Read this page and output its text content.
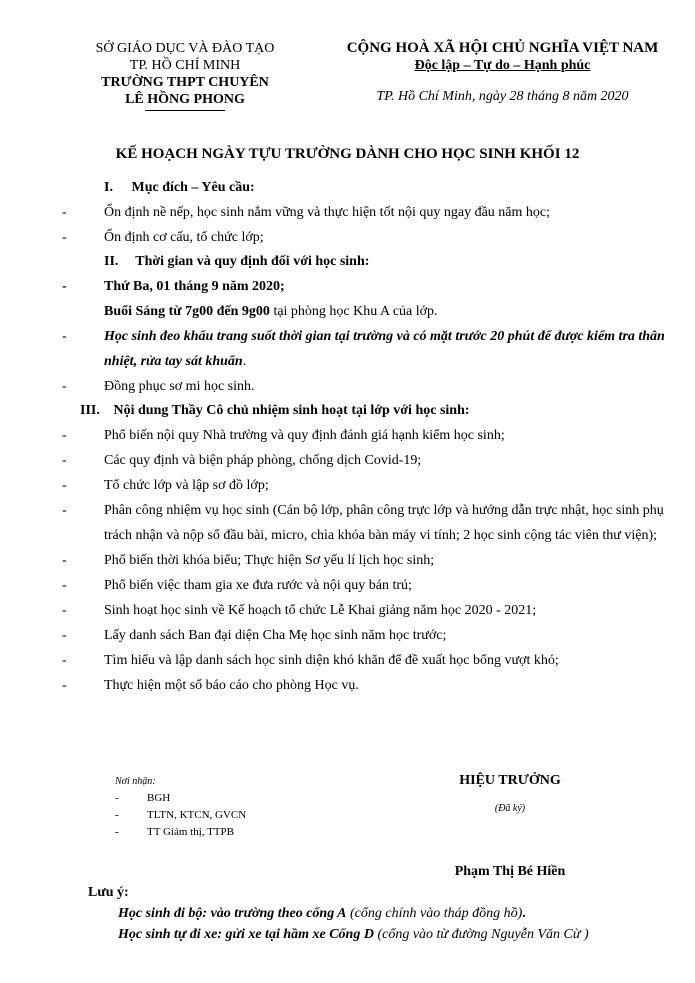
SỞ GIÁO DỤC VÀ ĐÀO TẠO
TP. HỒ CHÍ MINH
TRƯỜNG THPT CHUYÊN
LÊ HỒNG PHONG
CỘNG HOÀ XÃ HỘI CHỦ NGHĨA VIỆT NAM
Độc lập – Tự do – Hạnh phúc
TP. Hồ Chí Minh, ngày 28 tháng 8 năm 2020
KẾ HOẠCH NGÀY TỰU TRƯỜNG DÀNH CHO HỌC SINH KHỐI 12
I. Mục đích – Yêu cầu:
-	Ổn định nề nếp, học sinh nắm vững và thực hiện tốt nội quy ngay đầu năm học;
-	Ổn định cơ cấu, tổ chức lớp;
II. Thời gian và quy định đối với học sinh:
-	Thứ Ba, 01 tháng 9 năm 2020;
Buổi Sáng từ 7g00 đến 9g00 tại phòng học Khu A của lớp.
-	Học sinh đeo khẩu trang suốt thời gian tại trường và có mặt trước 20 phút để được kiểm tra thân nhiệt, rửa tay sát khuẩn.
-	Đồng phục sơ mi học sinh.
III. Nội dung Thầy Cô chủ nhiệm sinh hoạt tại lớp với học sinh:
-	Phổ biến nội quy Nhà trường và quy định đánh giá hạnh kiểm học sinh;
-	Các quy định và biện pháp phòng, chống dịch Covid-19;
-	Tổ chức lớp và lập sơ đồ lớp;
-	Phân công nhiệm vụ học sinh (Cán bộ lớp, phân công trực lớp và hướng dẫn trực nhật, học sinh phụ trách nhận và nộp sổ đầu bài, micro, chìa khóa bàn máy vi tính; 2 học sinh cộng tác viên thư viện);
-	Phổ biến thời khóa biểu; Thực hiện Sơ yếu lí lịch học sinh;
-	Phổ biến việc tham gia xe đưa rước và nội quy bán trú;
-	Sinh hoạt học sinh về Kế hoạch tổ chức Lễ Khai giảng năm học 2020 - 2021;
-	Lấy danh sách Ban đại diện Cha Mẹ học sinh năm học trước;
-	Tìm hiểu và lập danh sách học sinh diện khó khăn để đề xuất học bổng vượt khó;
-	Thực hiện một số báo cáo cho phòng Học vụ.
Nơi nhận:
-	BGH
-	TLTN, KTCN, GVCN
-	TT Giám thị, TTPB
HIỆU TRƯỞNG
(Đã ký)
Phạm Thị Bé Hiền
Lưu ý:
Học sinh đi bộ: vào trường theo cổng A (cổng chính vào tháp đồng hồ).
Học sinh tự đi xe: gửi xe tại hầm xe Cổng D (cổng vào từ đường Nguyễn Văn Cừ )
